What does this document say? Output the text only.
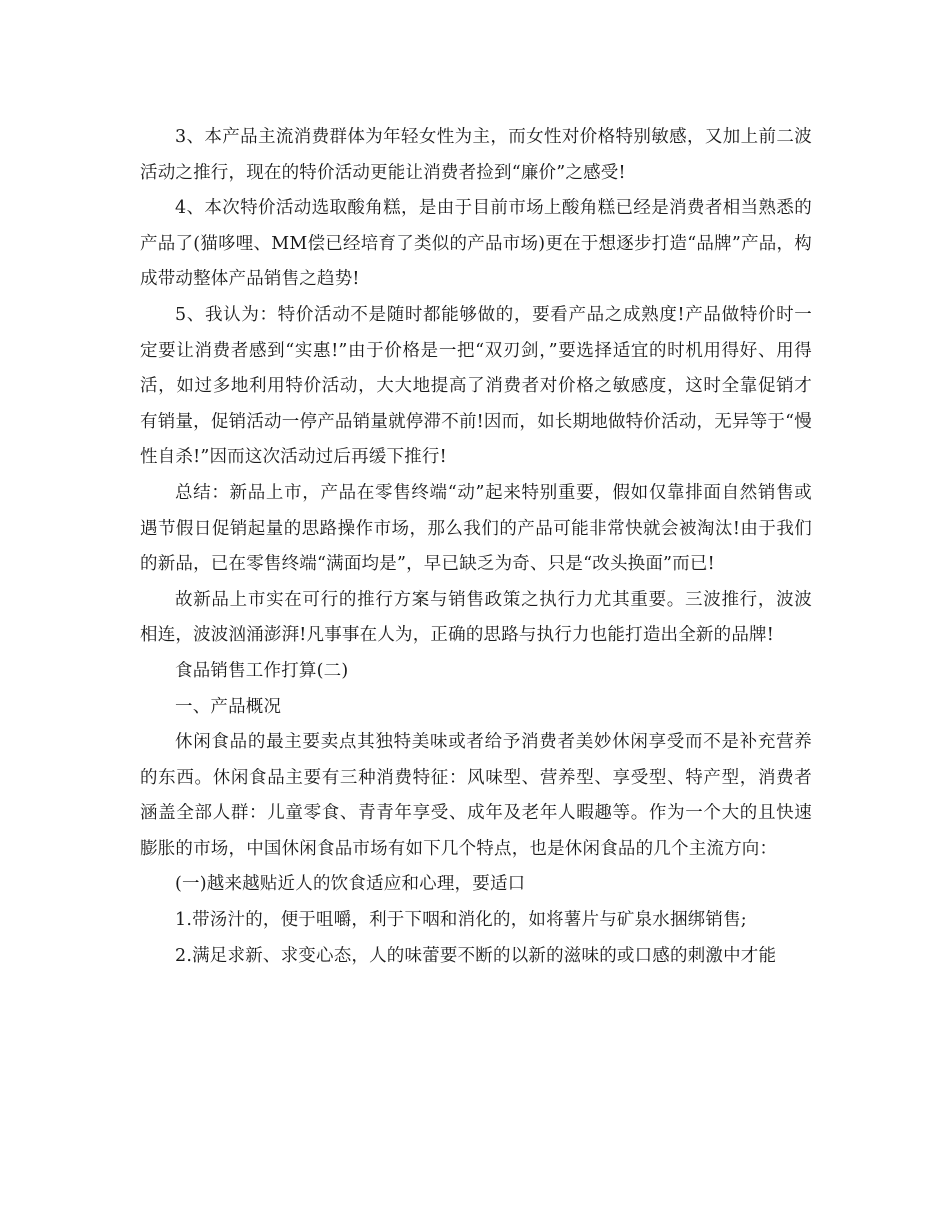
3、本产品主流消费群体为年轻女性为主，而女性对价格特别敏感，又加上前二波活动之推行，现在的特价活动更能让消费者捡到“廉价”之感受!

4、本次特价活动选取酸角糕，是由于目前市场上酸角糕已经是消费者相当熟悉的产品了(猫哆哩、MM偿已经培育了类似的产品市场)更在于想逐步打造“品牌”产品，构成带动整体产品销售之趋势!

5、我认为：特价活动不是随时都能够做的，要看产品之成熟度!产品做特价时一定要让消费者感到“实惠!”由于价格是一把“双刃剑，”要选择适宜的时机用得好、用得活，如过多地利用特价活动，大大地提高了消费者对价格之敏感度，这时全靠促销才有销量，促销活动一停产品销量就停滞不前!因而，如长期地做特价活动，无异等于“慢性自杀!”因而这次活动过后再缓下推行!

总结：新品上市，产品在零售终端“动”起来特别重要，假如仅靠排面自然销售或遇节假日促销起量的思路操作市场，那么我们的产品可能非常快就会被淘汰!由于我们的新品，已在零售终端“满面均是”，早已缺乏为奇、只是“改头换面”而已!

故新品上市实在可行的推行方案与销售政策之执行力尤其重要。三波推行，波波相连，波波汹涌澎湃!凡事事在人为，正确的思路与执行力也能打造出全新的品牌!

食品销售工作打算(二)

一、产品概况

休闲食品的最主要卖点其独特美味或者给予消费者美妙休闲享受而不是补充营养的东西。休闲食品主要有三种消费特征：风味型、营养型、享受型、特产型，消费者涵盖全部人群：儿童零食、青青年享受、成年及老年人暇趣等。作为一个大的且快速膨胀的市场，中国休闲食品市场有如下几个特点，也是休闲食品的几个主流方向：

(一)越来越贴近人的饮食适应和心理，要适口

1.带汤汁的，便于咀嚼，利于下咽和消化的，如将薯片与矿泉水捆绑销售;

2.满足求新、求变心态，人的味蕾要不断的以新的滋味的或口感的刺激中才能
